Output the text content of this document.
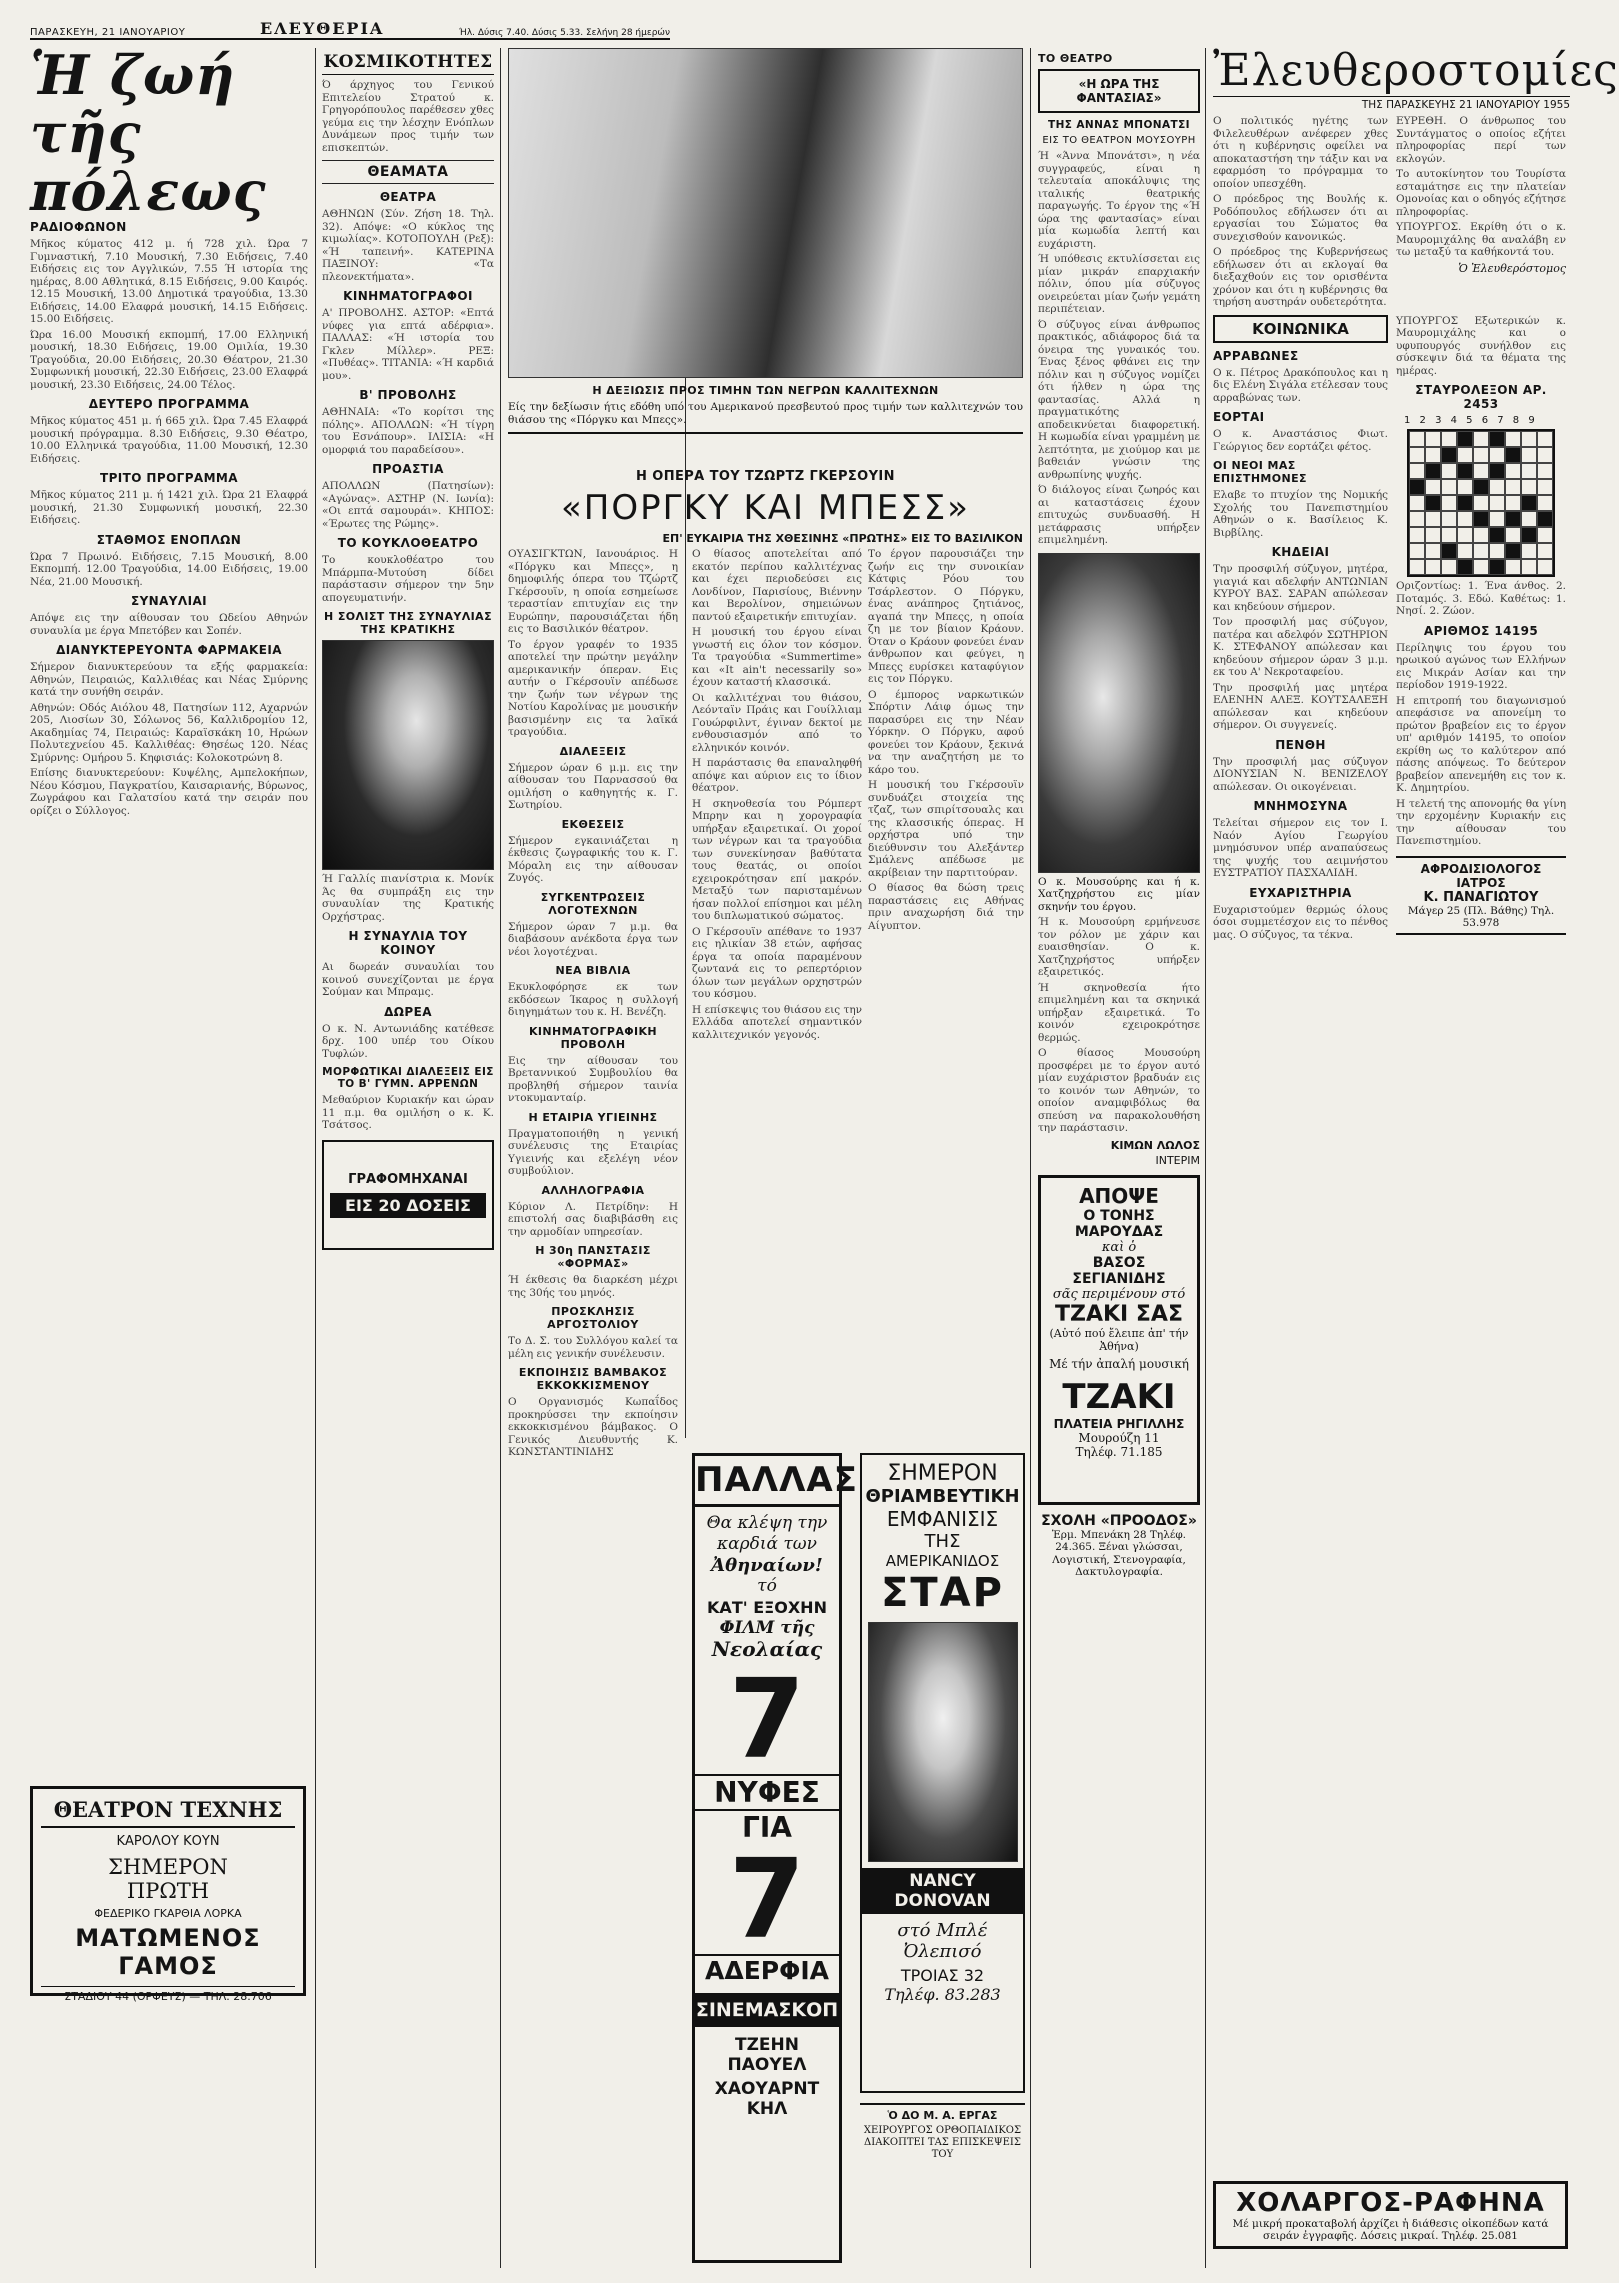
ΠΑΡΑΣΚΕΥΗ, 21 ΙΑΝΟΥΑΡΙΟΥ	ΕΛΕΥΘΕΡΙΑ	Ήλ. Δύσις 7.40. Δύσις 5.33. Σελήνη 28 ήμερών
Ἡ ζωή τῆς πόλεως
ΡΑΔΙΟΦΩΝΟΝ

Μῆκος κύματος 412 μ. ή 728 χιλ. Ώρα 7 Γυμναστική, 7.10 Μουσική, 7.30 Ειδήσεις, 7.40 Ειδήσεις εις τον Αγγλικών, 7.55 Ή ιστορία της ημέρας, 8.00 Αθλητικά, 8.15 Ειδήσεις, 9.00 Καιρός. 12.15 Μουσική, 13.00 Δημοτικά τραγούδια, 13.30 Ειδήσεις, 14.00 Ελαφρά μουσική, 14.15 Ειδήσεις. 15.00 Ειδήσεις.

Ώρα 16.00 Μουσική εκπομπή, 17.00 Ελληνική μουσική, 18.30 Ειδήσεις, 19.00 Ομιλία, 19.30 Τραγούδια, 20.00 Ειδήσεις, 20.30 Θέατρον, 21.30 Συμφωνική μουσική, 22.30 Ειδήσεις, 23.00 Ελαφρά μουσική, 23.30 Ειδήσεις, 24.00 Τέλος.

ΔΕΥΤΕΡΟ ΠΡΟΓΡΑΜΜΑ

Μῆκος κύματος 451 μ. ή 665 χιλ. Ώρα 7.45 Ελαφρά μουσική πρόγραμμα. 8.30 Ειδήσεις, 9.30 Θέατρο, 10.00 Ελληνικά τραγούδια, 11.00 Μουσική, 12.30 Ειδήσεις.

ΤΡΙΤΟ ΠΡΟΓΡΑΜΜΑ

Μῆκος κύματος 211 μ. ή 1421 χιλ. Ώρα 21 Ελαφρά μουσική, 21.30 Συμφωνική μουσική, 22.30 Ειδήσεις.

ΣΤΑΘΜΟΣ ΕΝΟΠΛΩΝ

Ώρα 7 Πρωινό. Ειδήσεις, 7.15 Μουσική, 8.00 Εκπομπή. 12.00 Τραγούδια, 14.00 Ειδήσεις, 19.00 Νέα, 21.00 Μουσική.

ΣΥΝΑΥΛΙΑΙ

Απόψε εις την αίθουσαν του Ωδείου Αθηνών συναυλία με έργα Μπετόβεν και Σοπέν.

ΔΙΑΝΥΚΤΕΡΕΥΟΝΤΑ ΦΑΡΜΑΚΕΙΑ

Σήμερον διανυκτερεύουν τα εξής φαρμακεία: Αθηνών, Πειραιώς, Καλλιθέας και Νέας Σμύρνης κατά την συνήθη σειράν.

Αθηνών: Οδός Αιόλου 48, Πατησίων 112, Αχαρνών 205, Λιοσίων 30, Σόλωνος 56, Καλλιδρομίου 12, Ακαδημίας 74, Πειραιώς: Καραϊσκάκη 10, Ηρώων Πολυτεχνείου 45. Καλλιθέας: Θησέως 120. Νέας Σμύρνης: Ομήρου 5. Κηφισιάς: Κολοκοτρώνη 8.

Επίσης διανυκτερεύουν: Κυψέλης, Αμπελοκήπων, Νέου Κόσμου, Παγκρατίου, Καισαριανής, Βύρωνος, Ζωγράφου και Γαλατσίου κατά την σειράν που ορίζει ο Σύλλογος.

ΘΕΑΤΡΟΝ ΤΕΧΝΗΣ
ΚΑΡΟΛΟΥ ΚΟΥΝ
ΣΗΜΕΡΟΝ
ΠΡΩΤΗ
ΦΕΔΕΡΙΚΟ ΓΚΑΡΘΙΑ ΛΟΡΚΑ
ΜΑΤΩΜΕΝΟΣ ΓΑΜΟΣ
ΣΤΑΔΙΟΥ 44 (ΟΡΦΕΥΣ) — ΤΗΛ. 28.706
ΚΟΣΜΙΚΟΤΗΤΕΣ

Ό άρχηγος του Γενικού Επιτελείου Στρατού κ. Γρηγορόπουλος παρέθεσεν χθες γεύμα εις την λέσχην Ενόπλων Δυνάμεων προς τιμήν των επισκεπτών.

ΘΕΑΜΑΤΑ
ΘΕΑΤΡΑ

ΑΘΗΝΩΝ (Σύν. Ζήση 18. Τηλ. 32). Απόψε: «Ο κύκλος της κιμωλίας». ΚΟΤΟΠΟΥΛΗ (Ρεξ): «Ή ταπεινή». ΚΑΤΕΡΙΝΑ ΠΑΞΙΝΟΥ: «Τα πλεονεκτήματα».

ΚΙΝΗΜΑΤΟΓΡΑΦΟΙ

Α' ΠΡΟΒΟΛΗΣ. ΑΣΤΟΡ: «Επτά νύφες για επτά αδέρφια». ΠΑΛΛΑΣ: «Ή ιστορία του Γκλεν Μίλλερ». ΡΕΞ: «Πυθέας». ΤΙΤΑΝΙΑ: «Ή καρδιά μου».

Β' ΠΡΟΒΟΛΗΣ

ΑΘΗΝΑΙΑ: «Το κορίτσι της πόλης». ΑΠΟΛΛΩΝ: «Ή τίγρη του Εσνάπουρ». ΙΛΙΣΙΑ: «Η ομορφιά του παραδείσου».

ΠΡΟΑΣΤΙΑ

ΑΠΟΛΛΩΝ (Πατησίων): «Αγώνας». ΑΣΤΗΡ (Ν. Ιωνία): «Οι επτά σαμουράι». ΚΗΠΟΣ: «Έρωτες της Ρώμης».

ΤΟ ΚΟΥΚΛΟΘΕΑΤΡΟ

Το κουκλοθέατρο του Μπάρμπα-Μυτούση δίδει παράστασιν σήμερον την 5ην απογευματινήν.

Η ΣΟΛΙΣΤ ΤΗΣ ΣΥΝΑΥΛΙΑΣ ΤΗΣ ΚΡΑΤΙΚΗΣ

Ή Γαλλίς πιανίστρια κ. Μονίκ Άς θα συμπράξη εις την συναυλίαν της Κρατικής Ορχήστρας.

Η ΣΥΝΑΥΛΙΑ ΤΟΥ ΚΟΙΝΟΥ

Αι δωρεάν συναυλίαι του κοινού συνεχίζονται με έργα Σούμαν και Μπραμς.

ΔΩΡΕΑ

Ο κ. Ν. Αντωνιάδης κατέθεσε δρχ. 100 υπέρ του Οίκου Τυφλών.

ΜΟΡΦΩΤΙΚΑΙ ΔΙΑΛΕΞΕΙΣ ΕΙΣ ΤΟ Β' ΓΥΜΝ. ΑΡΡΕΝΩΝ

Μεθαύριον Κυριακήν και ώραν 11 π.μ. θα ομιλήση ο κ. Κ. Τσάτσος.

ΓΡΑΦΟΜΗΧΑΝΑΙ
ΕΙΣ 20 ΔΟΣΕΙΣ
Η ΔΕΞΙΩΣΙΣ ΠΡΟΣ ΤΙΜΗΝ ΤΩΝ ΝΕΓΡΩΝ ΚΑΛΛΙΤΕΧΝΩΝ

Είς την δεξίωσιν ήτις εδόθη υπό του Αμερικανού πρεσβευτού προς τιμήν των καλλιτεχνών του θιάσου της «Πόργκυ και Μπεςς».

Η ΟΠΕΡΑ ΤΟΥ ΤΖΩΡΤΖ ΓΚΕΡΣΟΥΙΝ
«ΠΟΡΓΚΥ ΚΑΙ ΜΠΕΣΣ»
ΕΠ' ΕΥΚΑΙΡΙΑ ΤΗΣ ΧΘΕΣΙΝΗΣ «ΠΡΩΤΗΣ» ΕΙΣ ΤΟ ΒΑΣΙΛΙΚΟΝ

ΟΥΑΣΙΓΚΤΩΝ, Ιανουάριος. Η «Πόργκυ και Μπεςς», η δημοφιλής όπερα του Τζώρτζ Γκέρσουϊν, η οποία εσημείωσε τεραστίαν επιτυχίαν εις την Ευρώπην, παρουσιάζεται ήδη εις το Βασιλικόν θέατρον.

Το έργον γραφέν το 1935 αποτελεί την πρώτην μεγάλην αμερικανικήν όπεραν. Εις αυτήν ο Γκέρσουϊν απέδωσε την ζωήν των νέγρων της Νοτίου Καρολίνας με μουσικήν βασισμένην εις τα λαϊκά τραγούδια.

ΔΙΑΛΕΞΕΙΣ

Σήμερον ώραν 6 μ.μ. εις την αίθουσαν του Παρνασσού θα ομιλήση ο καθηγητής κ. Γ. Σωτηρίου.

ΕΚΘΕΣΕΙΣ

Σήμερον εγκαινιάζεται η έκθεσις ζωγραφικής του κ. Γ. Μόραλη εις την αίθουσαν Ζυγός.

ΣΥΓΚΕΝΤΡΩΣΕΙΣ ΛΟΓΟΤΕΧΝΩΝ

Σήμερον ώραν 7 μ.μ. θα διαβάσουν ανέκδοτα έργα των νέοι λογοτέχναι.

ΝΕΑ ΒΙΒΛΙΑ

Εκυκλοφόρησε εκ των εκδόσεων Ίκαρος η συλλογή διηγημάτων του κ. Η. Βενέζη.

ΚΙΝΗΜΑΤΟΓΡΑΦΙΚΗ ΠΡΟΒΟΛΗ

Εις την αίθουσαν του Βρεταννικού Συμβουλίου θα προβληθή σήμερον ταινία ντοκυμανταίρ.

Η ΕΤΑΙΡΙΑ ΥΓΙΕΙΝΗΣ

Πραγματοποιήθη η γενική συνέλευσις της Εταιρίας Υγιεινής και εξελέγη νέον συμβούλιον.

ΑΛΛΗΛΟΓΡΑΦΙΑ

Κύριον Λ. Πετρίδην: Η επιστολή σας διαβιβάσθη εις την αρμοδίαν υπηρεσίαν.

Η 30η ΠΑΝΣΤΑΣΙΣ «ΦΟΡΜΑΣ»

Ή έκθεσις θα διαρκέση μέχρι της 30ής του μηνός.

ΠΡΟΣΚΛΗΣΙΣ ΑΡΓΟΣΤΟΛΙΟΥ

Το Δ. Σ. του Συλλόγου καλεί τα μέλη εις γενικήν συνέλευσιν.

ΕΚΠΟΙΗΣΙΣ ΒΑΜΒΑΚΟΣ ΕΚΚΟΚΚΙΣΜΕΝΟΥ

Ο Οργανισμός Κωπαΐδος προκηρύσσει την εκποίησιν εκκοκκισμένου βάμβακος. Ο Γενικός Διευθυντής Κ. ΚΩΝΣΤΑΝΤΙΝΙΔΗΣ

Ο θίασος αποτελείται από εκατόν περίπου καλλιτέχνας και έχει περιοδεύσει εις Λονδίνον, Παρισίους, Βιέννην και Βερολίνον, σημειώνων παντού εξαιρετικήν επιτυχίαν.

Η μουσική του έργου είναι γνωστή εις όλον τον κόσμον. Τα τραγούδια «Summertime» και «It ain't necessarily so» έχουν καταστή κλασσικά.

Οι καλλιτέχναι του θιάσου, Λεόνταϊν Πράις και Γουίλλιαμ Γουώρφιλντ, έγιναν δεκτοί με ενθουσιασμόν από το ελληνικόν κοινόν.

Η παράστασις θα επαναληφθή απόψε και αύριον εις το ίδιον θέατρον.

Η σκηνοθεσία του Ρόμπερτ Μπρην και η χορογραφία υπήρξαν εξαιρετικαί. Οι χοροί των νέγρων και τα τραγούδια των συνεκίνησαν βαθύτατα τους θεατάς, οι οποίοι εχειροκρότησαν επί μακρόν. Μεταξύ των παρισταμένων ήσαν πολλοί επίσημοι και μέλη του διπλωματικού σώματος.

Ο Γκέρσουϊν απέθανε το 1937 εις ηλικίαν 38 ετών, αφήσας έργα τα οποία παραμένουν ζωντανά εις το ρεπερτόριον όλων των μεγάλων ορχηστρών του κόσμου.

Η επίσκεψις του θιάσου εις την Ελλάδα αποτελεί σημαντικόν καλλιτεχνικόν γεγονός.

Το έργον παρουσιάζει την ζωήν εις την συνοικίαν Κάτφις Ρόου του Τσάρλεστον. Ο Πόργκυ, ένας ανάπηρος ζητιάνος, αγαπά την Μπεςς, η οποία ζη με τον βίαιον Κράουν. Όταν ο Κράουν φονεύει έναν άνθρωπον και φεύγει, η Μπεςς ευρίσκει καταφύγιον εις τον Πόργκυ.

Ο έμπορος ναρκωτικών Σπόρτιν Λάιφ όμως την παρασύρει εις την Νέαν Υόρκην. Ο Πόργκυ, αφού φονεύει τον Κράουν, ξεκινά να την αναζητήση με το κάρο του.

Η μουσική του Γκέρσουϊν συνδυάζει στοιχεία της τζαζ, των σπιρίτσουαλς και της κλασσικής όπερας. Η ορχήστρα υπό την διεύθυνσιν του Αλεξάντερ Σμάλενς απέδωσε με ακρίβειαν την παρτιτούραν.

Ο θίασος θα δώση τρεις παραστάσεις εις Αθήνας πριν αναχωρήση διά την Αίγυπτον.

ΠΑΛΛΑΣ
Θα κλέψη την
καρδιά των
Ἀθηναίων!
τό
ΚΑΤ' ΕΞΟΧΗΝ
ΦΙΛΜ τῆς
Νεολαίας
7
ΝΥΦΕΣ
ΓΙΑ
7
ΑΔΕΡΦΙΑ
ΣΙΝΕΜΑΣΚΟΠ
ΤΖΕΗΝ ΠΑΟΥΕΛ
ΧΑΟΥΑΡΝΤ ΚΗΛ
ΣΗΜΕΡΟΝ
ΘΡΙΑΜΒΕΥΤΙΚΗ
ΕΜΦΑΝΙΣΙΣ
ΤΗΣ
ΑΜΕΡΙΚΑΝΙΔΟΣ
ΣΤΑΡ
NANCY DONOVAN
στό Μπλέ Ὀλεπισό
ΤΡΟΙΑΣ 32
Τηλέφ. 83.283
Ὁ ΔΟ Μ. Α. ΕΡΓΑΣ
ΧΕΙΡΟΥΡΓΟΣ ΟΡΘΟΠΑΙΔΙΚΟΣ ΔΙΑΚΟΠΤΕΙ ΤΑΣ ΕΠΙΣΚΕΨΕΙΣ ΤΟΥ
ΤΟ ΘΕΑΤΡΟ
«Η ΩΡΑ ΤΗΣ ΦΑΝΤΑΣΙΑΣ»
ΤΗΣ ΑΝΝΑΣ ΜΠΟΝΑΤΣΙ
ΕΙΣ ΤΟ ΘΕΑΤΡΟΝ ΜΟΥΣΟΥΡΗ

Ή «Άννα Μπονάτσι», η νέα συγγραφεύς, είναι η τελευταία αποκάλυψις της ιταλικής θεατρικής παραγωγής. Το έργον της «Ή ώρα της φαντασίας» είναι μία κωμωδία λεπτή και ευχάριστη.

Ή υπόθεσις εκτυλίσσεται εις μίαν μικράν επαρχιακήν πόλιν, όπου μία σύζυγος ονειρεύεται μίαν ζωήν γεμάτη περιπέτειαν.

Ό σύζυγος είναι άνθρωπος πρακτικός, αδιάφορος διά τα όνειρα της γυναικός του. Ένας ξένος φθάνει εις την πόλιν και η σύζυγος νομίζει ότι ήλθεν η ώρα της φαντασίας. Αλλά η πραγματικότης αποδεικνύεται διαφορετική. Η κωμωδία είναι γραμμένη με λεπτότητα, με χιούμορ και με βαθειάν γνώσιν της ανθρωπίνης ψυχής.

Ό διάλογος είναι ζωηρός και αι καταστάσεις έχουν επιτυχώς συνδυασθή. Η μετάφρασις υπήρξεν επιμελημένη.

Ο κ. Μουσούρης και ή κ. Χατζηχρήστου εις μίαν σκηνήν του έργου.

Ή κ. Μουσούρη ερμήνευσε τον ρόλον με χάριν και ευαισθησίαν. Ο κ. Χατζηχρήστος υπήρξεν εξαιρετικός.

Ή σκηνοθεσία ήτο επιμελημένη και τα σκηνικά υπήρξαν εξαιρετικά. Το κοινόν εχειροκρότησε θερμώς.

Ο θίασος Μουσούρη προσφέρει με το έργον αυτό μίαν ευχάριστον βραδυάν εις το κοινόν των Αθηνών, το οποίον αναμφιβόλως θα σπεύση να παρακολουθήση την παράστασιν.

ΚΙΜΩΝ ΛΩΛΟΣ
ΙΝΤΕΡΙΜ
ΑΠΟΨΕ
Ο ΤΟΝΗΣ ΜΑΡΟΥΔΑΣ
καὶ ὁ
ΒΑΣΟΣ ΣΕΓΙΑΝΙΔΗΣ
σᾶς περιμένουν στό
ΤΖΑΚΙ ΣΑΣ
(Αὐτό πού ἔλειπε ἀπ' τήν Ἀθήνα)
Μέ τήν ἀπαλή μουσική
ΤΖΑΚΙ
ΠΛΑΤΕΙΑ ΡΗΓΙΛΛΗΣ
Μουρούζη 11
Τηλέφ. 71.185
ΣΧΟΛΗ «ΠΡΟΟΔΟΣ»

Ἑρμ. Μπενάκη 28 Τηλέφ. 24.365. Ξέναι γλώσσαι, Λογιστική, Στενογραφία, Δακτυλογραφία.

Ἐλευθεροστομίες
ΤΗΣ ΠΑΡΑΣΚΕΥΗΣ 21 ΙΑΝΟΥΑΡΙΟΥ 1955

Ο πολιτικός ηγέτης των Φιλελευθέρων ανέφερεν χθες ότι η κυβέρνησις οφείλει να αποκαταστήση την τάξιν και να εφαρμόση το πρόγραμμα το οποίον υπεσχέθη.

Ο πρόεδρος της Βουλής κ. Ροδόπουλος εδήλωσεν ότι αι εργασίαι του Σώματος θα συνεχισθούν κανονικώς.

Ο πρόεδρος της Κυβερνήσεως εδήλωσεν ότι αι εκλογαί θα διεξαχθούν εις τον ορισθέντα χρόνον και ότι η κυβέρνησις θα τηρήση αυστηράν ουδετερότητα.

ΕΥΡΕΘΗ. Ο άνθρωπος του Συντάγματος ο οποίος εζήτει πληροφορίας περί των εκλογών.

Το αυτοκίνητον του Τουρίστα εσταμάτησε εις την πλατείαν Ομονοίας και ο οδηγός εζήτησε πληροφορίας.

ΥΠΟΥΡΓΟΣ. Εκρίθη ότι ο κ. Μαυρομιχάλης θα αναλάβη εν τω μεταξύ τα καθήκοντά του.

Ὁ Ἐλευθερόστομος
ΚΟΙΝΩΝΙΚΑ
ΑΡΡΑΒΩΝΕΣ

Ο κ. Πέτρος Δρακόπουλος και η δις Ελένη Σιγάλα ετέλεσαν τους αρραβώνας των.

ΕΟΡΤΑΙ

Ο κ. Αναστάσιος Φιωτ. Γεώργιος δεν εορτάζει φέτος.

ΟΙ ΝΕΟΙ ΜΑΣ ΕΠΙΣΤΗΜΟΝΕΣ

Ελαβε το πτυχίον της Νομικής Σχολής του Πανεπιστημίου Αθηνών ο κ. Βασίλειος Κ. Βιρβίλης.

ΚΗΔΕΙΑΙ

Την προσφιλή σύζυγον, μητέρα, γιαγιά και αδελφήν ΑΝΤΩΝΙΑΝ ΚΥΡΟΥ ΒΑΣ. ΣΑΡΑΝ απώλεσαν και κηδεύουν σήμερον.

Τον προσφιλή μας σύζυγον, πατέρα και αδελφόν ΣΩΤΗΡΙΟΝ Κ. ΣΤΕΦΑΝΟΥ απώλεσαν και κηδεύουν σήμερον ώραν 3 μ.μ. εκ του Α' Νεκροταφείου.

Την προσφιλή μας μητέρα ΕΛΕΝΗΝ ΑΛΕΞ. ΚΟΥΤΣΑΛΕΞΗ απώλεσαν και κηδεύουν σήμερον. Οι συγγενείς.

ΠΕΝΘΗ

Την προσφιλή μας σύζυγον ΔΙΟΝΥΣΙΑΝ Ν. ΒΕΝΙΖΕΛΟΥ απώλεσαν. Οι οικογένειαι.

ΜΝΗΜΟΣΥΝΑ

Τελείται σήμερον εις τον Ι. Ναόν Αγίου Γεωργίου μνημόσυνον υπέρ αναπαύσεως της ψυχής του αειμνήστου ΕΥΣΤΡΑΤΙΟΥ ΠΑΣΧΑΛΙΔΗ.

ΕΥΧΑΡΙΣΤΗΡΙΑ

Ευχαριστούμεν θερμώς όλους όσοι συμμετέσχον εις το πένθος μας. Ο σύζυγος, τα τέκνα.

ΥΠΟΥΡΓΟΣ Εξωτερικών κ. Μαυρομιχάλης και ο υφυπουργός συνήλθον εις σύσκεψιν διά τα θέματα της ημέρας.

ΣΤΑΥΡΟΛΕΞΟΝ ΑΡ. 2453
1 2 3 4 5 6 7 8 9

Οριζοντίως: 1. Ένα άνθος. 2. Ποταμός. 3. Εδώ. Καθέτως: 1. Νησί. 2. Ζώον.

ΑΡΙΘΜΟΣ 14195

Περίληψις του έργου του ηρωικού αγώνος των Ελλήνων εις Μικράν Ασίαν και την περίοδον 1919-1922.

Η επιτροπή του διαγωνισμού απεφάσισε να απονείμη το πρώτον βραβείον εις το έργον υπ' αριθμόν 14195, το οποίον εκρίθη ως το καλύτερον από πάσης απόψεως. Το δεύτερον βραβείον απενεμήθη εις τον κ. Κ. Δημητρίου.

Η τελετή της απονομής θα γίνη την ερχομένην Κυριακήν εις την αίθουσαν του Πανεπιστημίου.

ΑΦΡΟΔΙΣΙΟΛΟΓΟΣ ΙΑΤΡΟΣ
Κ. ΠΑΝΑΓΙΩΤΟΥ
Μάγερ 25 (Πλ. Βάθης) Τηλ. 53.978
ΧΟΛΑΡΓΟΣ-ΡΑΦΗΝΑ
Μέ μικρή προκαταβολή ἀρχίζει ἡ διάθεσις οἰκοπέδων κατά σειράν ἐγγραφῆς. Δόσεις μικραί. Τηλέφ. 25.081
